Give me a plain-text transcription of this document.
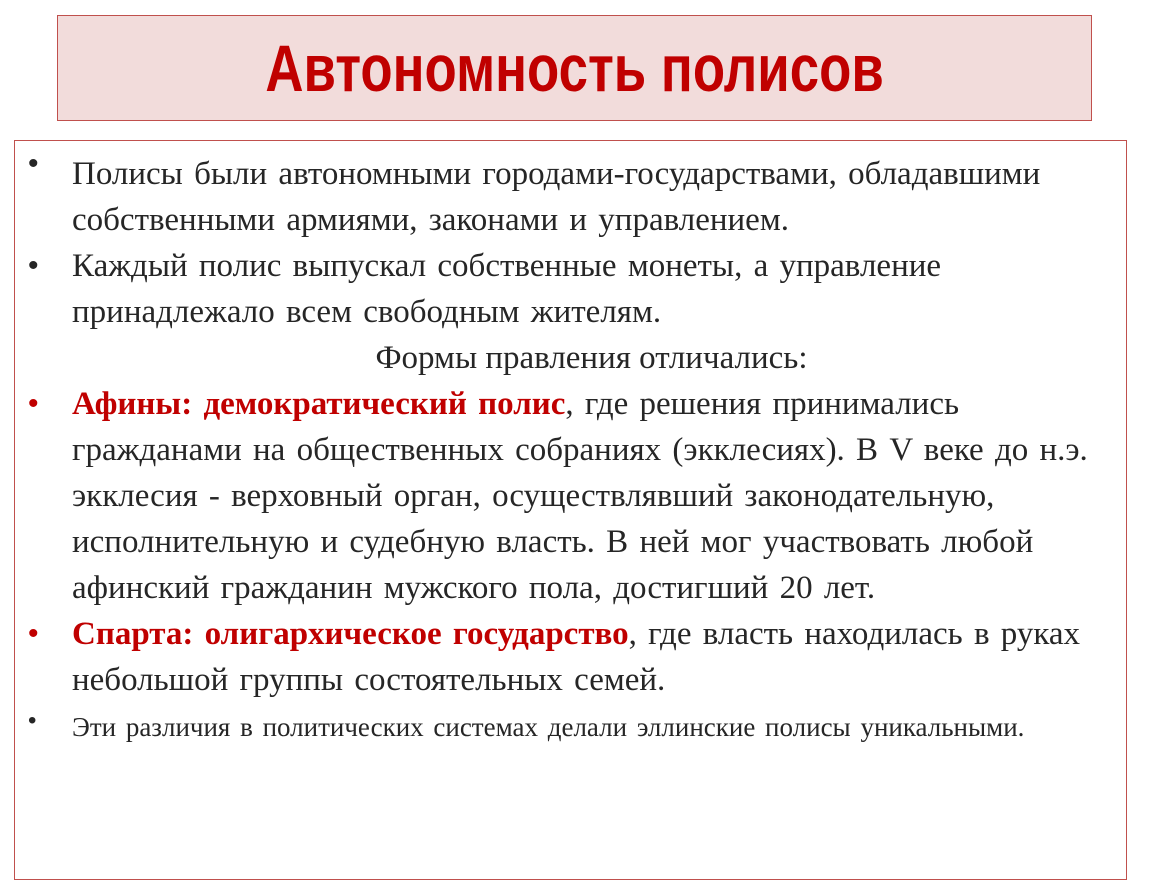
Автономность полисов
• Полисы были автономными городами-государствами, обладавшими собственными армиями, законами и управлением.
• Каждый полис выпускал собственные монеты, а управление принадлежало всем свободным жителям.
Формы правления отличались:
• Афины: демократический полис, где решения принимались гражданами на общественных собраниях (экклесиях). В V веке до н.э. экклесия - верховный орган, осуществлявший законодательную, исполнительную и судебную власть. В ней мог участвовать любой афинский гражданин мужского пола, достигший 20 лет.
• Спарта: олигархическое государство, где власть находилась в руках небольшой группы состоятельных семей.
• Эти различия в политических системах делали эллинские полисы уникальными.
